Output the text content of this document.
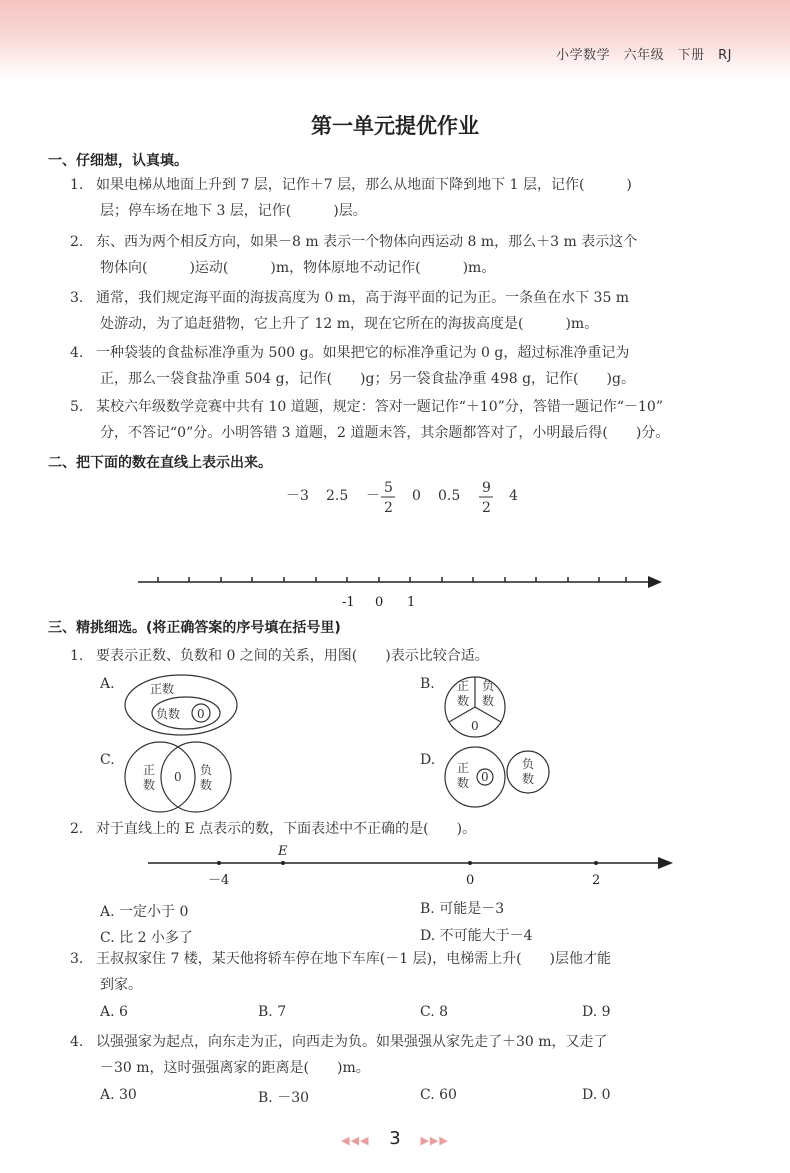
小学数学　六年级　下册　RJ
第一单元提优作业
一、仔细想，认真填。
1. 如果电梯从地面上升到 7 层，记作＋7 层，那么从地面下降到地下 1 层，记作(　　　)
层；停车场在地下 3 层，记作(　　　)层。
2. 东、西为两个相反方向，如果－8 m 表示一个物体向西运动 8 m，那么＋3 m 表示这个
物体向(　　　)运动(　　　)m，物体原地不动记作(　　　)m。
3. 通常，我们规定海平面的海拔高度为 0 m，高于海平面的记为正。一条鱼在水下 35 m
处游动，为了追赶猎物，它上升了 12 m，现在它所在的海拔高度是(　　　)m。
4. 一种袋装的食盐标准净重为 500 g。如果把它的标准净重记为 0 g，超过标准净重记为
正，那么一袋食盐净重 504 g，记作(　　)g；另一袋食盐净重 498 g，记作(　　)g。
5. 某校六年级数学竞赛中共有 10 道题，规定：答对一题记作“＋10”分，答错一题记作“－10”
分，不答记“0”分。小明答错 3 道题，2 道题未答，其余题都答对了，小明最后得(　　)分。
二、把下面的数在直线上表示出来。
－3 2.5 － 5
2
0 0.5 9
2
4
-1 0 1
三、精挑细选。(将正确答案的序号填在括号里)
1. 要表示正数、负数和 0 之间的关系，用图(　　)表示比较合适。
A.	B.
C.	D.
正数
负数 0
正
数
负
数
0
正
数
0 负
数
正
数 0
负
数
2. 对于直线上的 E 点表示的数，下面表述中不正确的是(　　)。
E
－4	0	2
A. 一定小于 0	B. 可能是－3
C. 比 2 小多了	D. 不可能大于－4
3. 王叔叔家住 7 楼，某天他将轿车停在地下车库(－1 层)，电梯需上升(　　)层他才能
到家。
A. 6	B. 7	C. 8	D. 9
4. 以强强家为起点，向东走为正，向西走为负。如果强强从家先走了＋30 m，又走了
－30 m，这时强强离家的距离是(　　)m。
A. 30	B. －30	C. 60	D. 0
◀◀◀ 3 ▶▶▶
